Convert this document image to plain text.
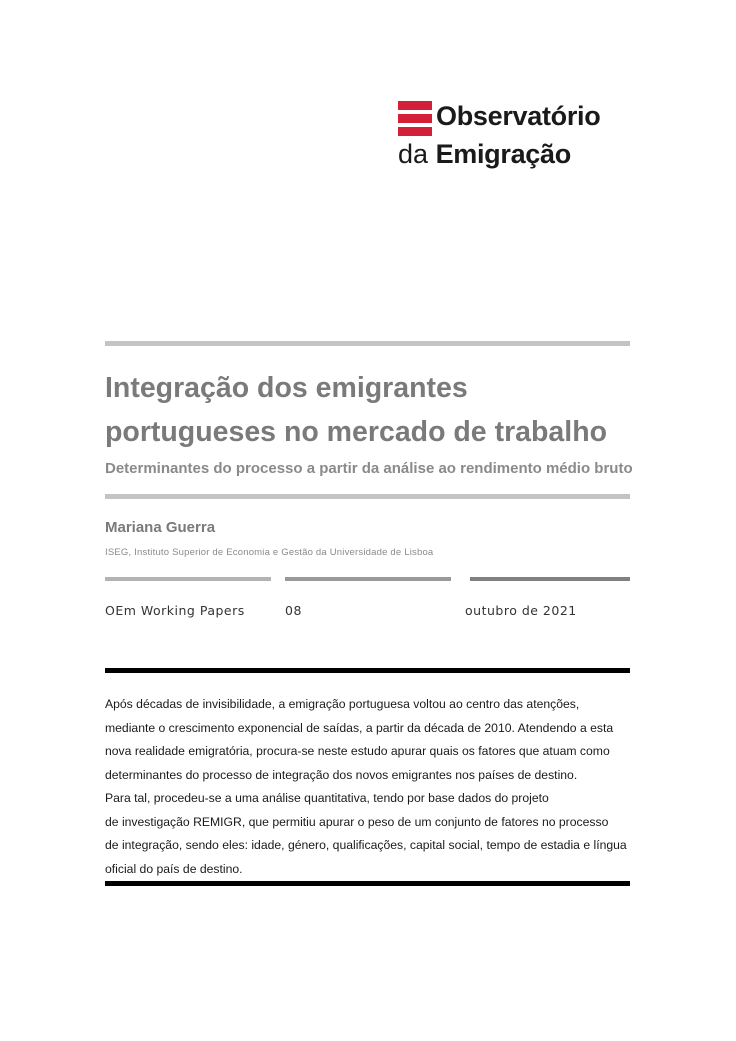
Observatório
da Emigração
Integração dos emigrantes portugueses no mercado de trabalho
Determinantes do processo a partir da análise ao rendimento médio bruto
Mariana Guerra
ISEG, Instituto Superior de Economia e Gestão da Universidade de Lisboa
OEm Working Papers	08	outubro de 2021
Após décadas de invisibilidade, a emigração portuguesa voltou ao centro das atenções,
mediante o crescimento exponencial de saídas, a partir da década de 2010. Atendendo a esta
nova realidade emigratória, procura-se neste estudo apurar quais os fatores que atuam como
determinantes do processo de integração dos novos emigrantes nos países de destino.
Para tal, procedeu-se a uma análise quantitativa, tendo por base dados do projeto
de investigação REMIGR, que permitiu apurar o peso de um conjunto de fatores no processo
de integração, sendo eles: idade, género, qualificações, capital social, tempo de estadia e língua
oficial do país de destino.
